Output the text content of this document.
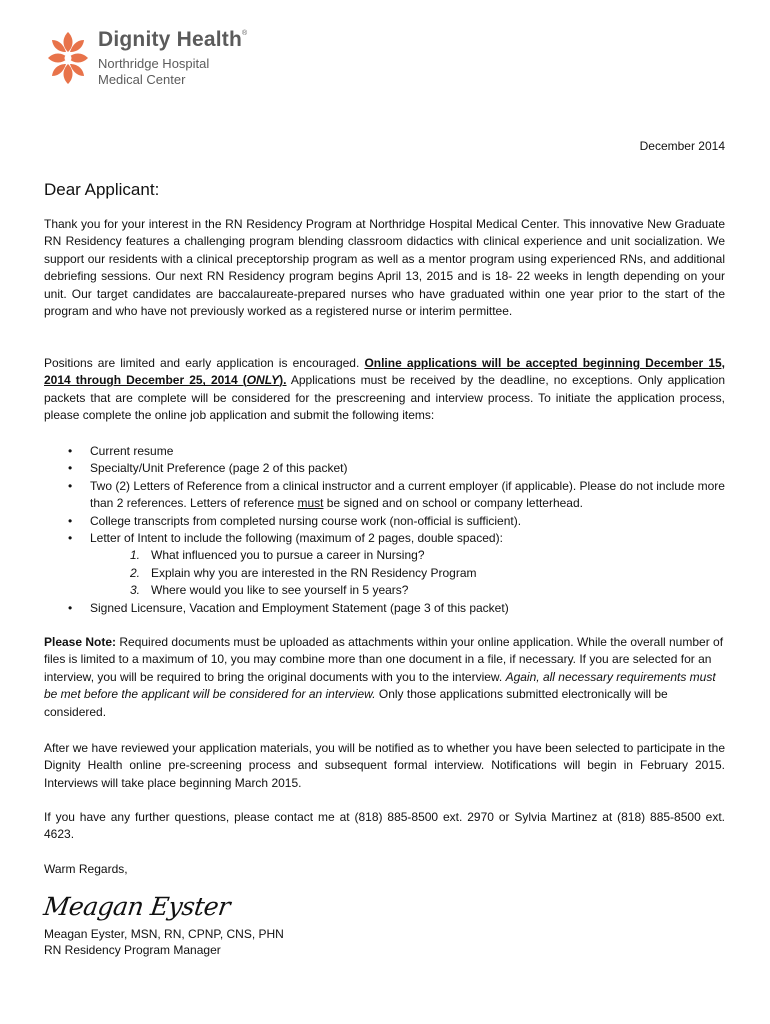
Dignity Health®
Northridge Hospital
Medical Center
December 2014
Dear Applicant:
Thank you for your interest in the RN Residency Program at Northridge Hospital Medical Center. This innovative New Graduate RN Residency features a challenging program blending classroom didactics with clinical experience and unit socialization. We support our residents with a clinical preceptorship program as well as a mentor program using experienced RNs, and additional debriefing sessions. Our next RN Residency program begins April 13, 2015 and is 18- 22 weeks in length depending on your unit. Our target candidates are baccalaureate-prepared nurses who have graduated within one year prior to the start of the program and who have not previously worked as a registered nurse or interim permittee.
Positions are limited and early application is encouraged. Online applications will be accepted beginning December 15, 2014 through December 25, 2014 (ONLY). Applications must be received by the deadline, no exceptions. Only application packets that are complete will be considered for the prescreening and interview process. To initiate the application process, please complete the online job application and submit the following items:
• Current resume
• Specialty/Unit Preference (page 2 of this packet)
• Two (2) Letters of Reference from a clinical instructor and a current employer (if applicable). Please do not include more than 2 references. Letters of reference must be signed and on school or company letterhead.
• College transcripts from completed nursing course work (non-official is sufficient).
• Letter of Intent to include the following (maximum of 2 pages, double spaced):
1. What influenced you to pursue a career in Nursing?
2. Explain why you are interested in the RN Residency Program
3. Where would you like to see yourself in 5 years?
• Signed Licensure, Vacation and Employment Statement (page 3 of this packet)
Please Note: Required documents must be uploaded as attachments within your online application. While the overall number of files is limited to a maximum of 10, you may combine more than one document in a file, if necessary. If you are selected for an interview, you will be required to bring the original documents with you to the interview. Again, all necessary requirements must be met before the applicant will be considered for an interview. Only those applications submitted electronically will be considered.
After we have reviewed your application materials, you will be notified as to whether you have been selected to participate in the Dignity Health online pre-screening process and subsequent formal interview. Notifications will begin in February 2015. Interviews will take place beginning March 2015.
If you have any further questions, please contact me at (818) 885-8500 ext. 2970 or Sylvia Martinez at (818) 885-8500 ext. 4623.
Warm Regards,
Meagan Eyster
Meagan Eyster, MSN, RN, CPNP, CNS, PHN
RN Residency Program Manager
